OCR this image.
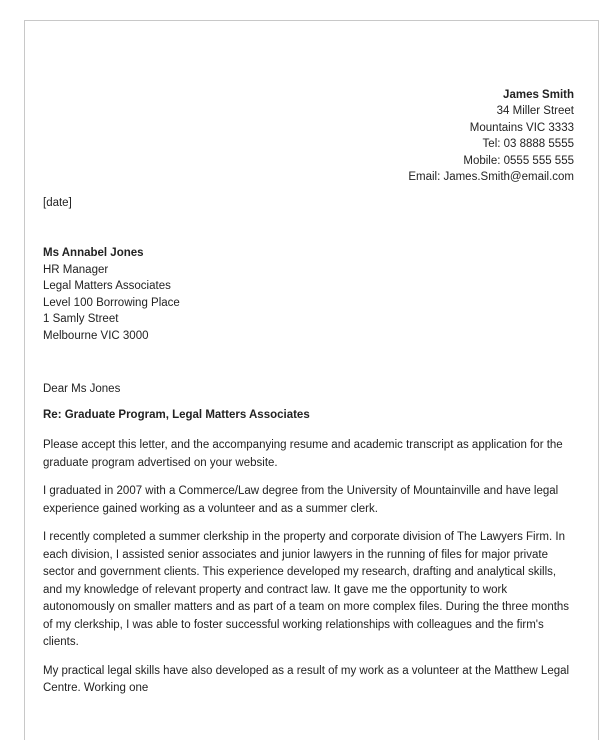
James Smith
34 Miller Street
Mountains VIC 3333
Tel: 03 8888 5555
Mobile: 0555 555 555
Email: James.Smith@email.com
[date]
Ms Annabel Jones
HR Manager
Legal Matters Associates
Level 100 Borrowing Place
1 Samly Street
Melbourne VIC 3000
Dear Ms Jones
Re: Graduate Program, Legal Matters Associates

Please accept this letter, and the accompanying resume and academic transcript as application for the graduate program advertised on your website.

I graduated in 2007 with a Commerce/Law degree from the University of Mountainville and have legal experience gained working as a volunteer and as a summer clerk.

I recently completed a summer clerkship in the property and corporate division of The Lawyers Firm. In each division, I assisted senior associates and junior lawyers in the running of files for major private sector and government clients. This experience developed my research, drafting and analytical skills, and my knowledge of relevant property and contract law. It gave me the opportunity to work autonomously on smaller matters and as part of a team on more complex files. During the three months of my clerkship, I was able to foster successful working relationships with colleagues and the firm's clients.

My practical legal skills have also developed as a result of my work as a volunteer at the Matthew Legal Centre. Working one
